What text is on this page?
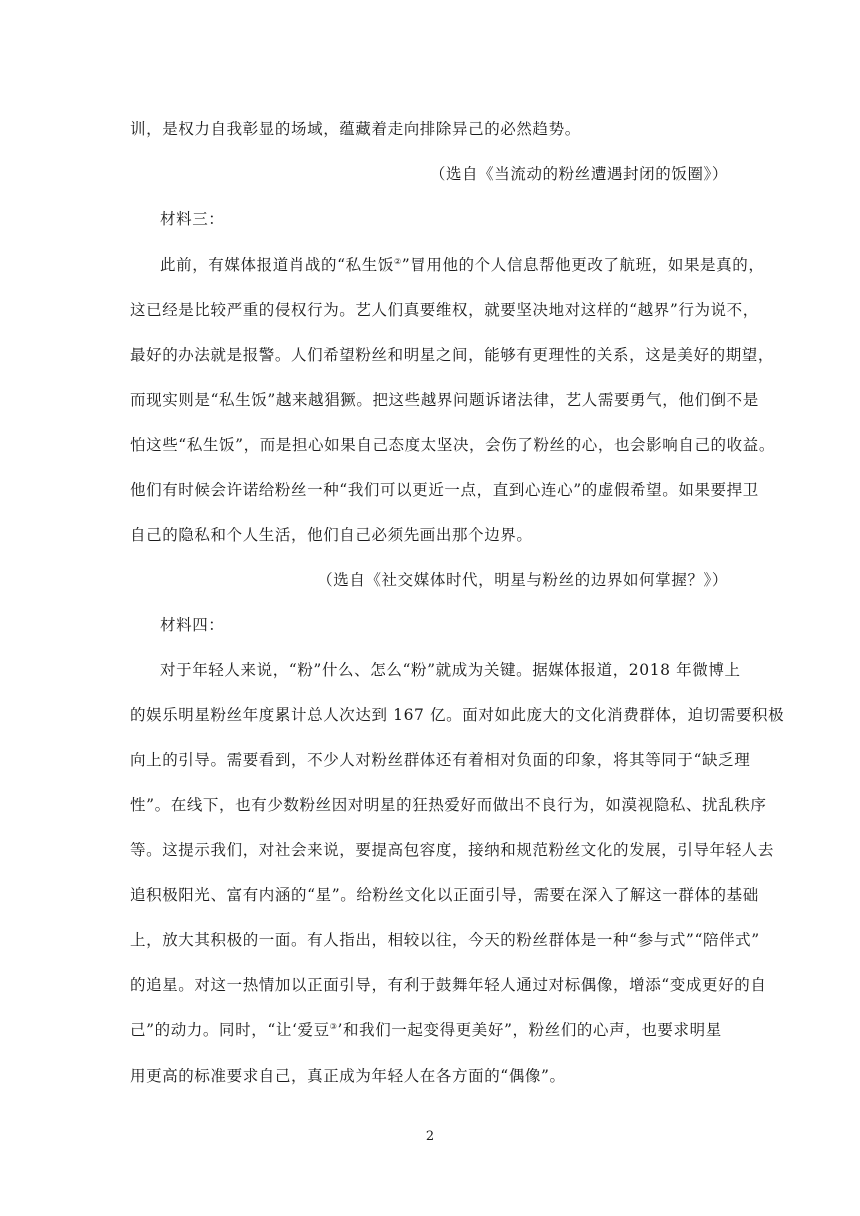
训，是权力自我彰显的场域，蕴藏着走向排除异己的必然趋势。
（选自《当流动的粉丝遭遇封闭的饭圈》）
材料三：
此前，有媒体报道肖战的“私生饭②”冒用他的个人信息帮他更改了航班，如果是真的，
这已经是比较严重的侵权行为。艺人们真要维权，就要坚决地对这样的“越界”行为说不，
最好的办法就是报警。人们希望粉丝和明星之间，能够有更理性的关系，这是美好的期望，
而现实则是“私生饭”越来越猖獗。把这些越界问题诉诸法律，艺人需要勇气，他们倒不是
怕这些“私生饭”，而是担心如果自己态度太坚决，会伤了粉丝的心，也会影响自己的收益。
他们有时候会许诺给粉丝一种“我们可以更近一点，直到心连心”的虚假希望。如果要捍卫
自己的隐私和个人生活，他们自己必须先画出那个边界。
（选自《社交媒体时代，明星与粉丝的边界如何掌握？》）
材料四：
对于年轻人来说，“粉”什么、怎么“粉”就成为关键。据媒体报道，2018 年微博上
的娱乐明星粉丝年度累计总人次达到 167 亿。面对如此庞大的文化消费群体，迫切需要积极
向上的引导。需要看到，不少人对粉丝群体还有着相对负面的印象，将其等同于“缺乏理
性”。在线下，也有少数粉丝因对明星的狂热爱好而做出不良行为，如漠视隐私、扰乱秩序
等。这提示我们，对社会来说，要提高包容度，接纳和规范粉丝文化的发展，引导年轻人去
追积极阳光、富有内涵的“星”。给粉丝文化以正面引导，需要在深入了解这一群体的基础
上，放大其积极的一面。有人指出，相较以往，今天的粉丝群体是一种“参与式”“陪伴式”
的追星。对这一热情加以正面引导，有利于鼓舞年轻人通过对标偶像，增添“变成更好的自
己”的动力。同时，“让‘爱豆③’和我们一起变得更美好”，粉丝们的心声，也要求明星
用更高的标准要求自己，真正成为年轻人在各方面的“偶像”。
2
